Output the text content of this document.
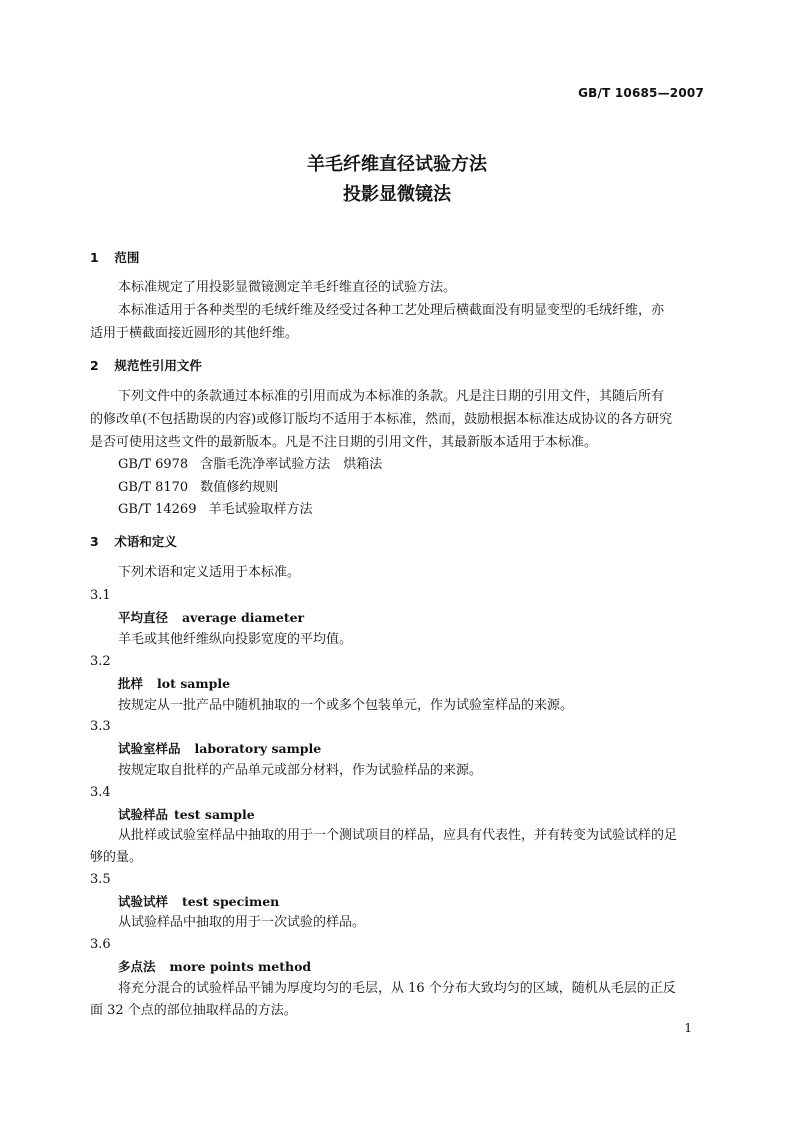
GB/T 10685—2007
羊毛纤维直径试验方法
投影显微镜法
1 范围
本标准规定了用投影显微镜测定羊毛纤维直径的试验方法。
本标准适用于各种类型的毛绒纤维及经受过各种工艺处理后横截面没有明显变型的毛绒纤维，亦
适用于横截面接近圆形的其他纤维。
2 规范性引用文件
下列文件中的条款通过本标准的引用而成为本标准的条款。凡是注日期的引用文件，其随后所有
的修改单(不包括勘误的内容)或修订版均不适用于本标准，然而，鼓励根据本标准达成协议的各方研究
是否可使用这些文件的最新版本。凡是不注日期的引用文件，其最新版本适用于本标准。
GB/T 6978 含脂毛洗净率试验方法　烘箱法
GB/T 8170 数值修约规则
GB/T 14269 羊毛试验取样方法
3 术语和定义
下列术语和定义适用于本标准。
3.1
平均直径 average diameter
羊毛或其他纤维纵向投影宽度的平均值。
3.2
批样 lot sample
按规定从一批产品中随机抽取的一个或多个包装单元，作为试验室样品的来源。
3.3
试验室样品 laboratory sample
按规定取自批样的产品单元或部分材料，作为试验样品的来源。
3.4
试验样品 test sample
从批样或试验室样品中抽取的用于一个测试项目的样品，应具有代表性，并有转变为试验试样的足
够的量。
3.5
试验试样 test specimen
从试验样品中抽取的用于一次试验的样品。
3.6
多点法 more points method
将充分混合的试验样品平铺为厚度均匀的毛层，从 16 个分布大致均匀的区域，随机从毛层的正反
面 32 个点的部位抽取样品的方法。
1
